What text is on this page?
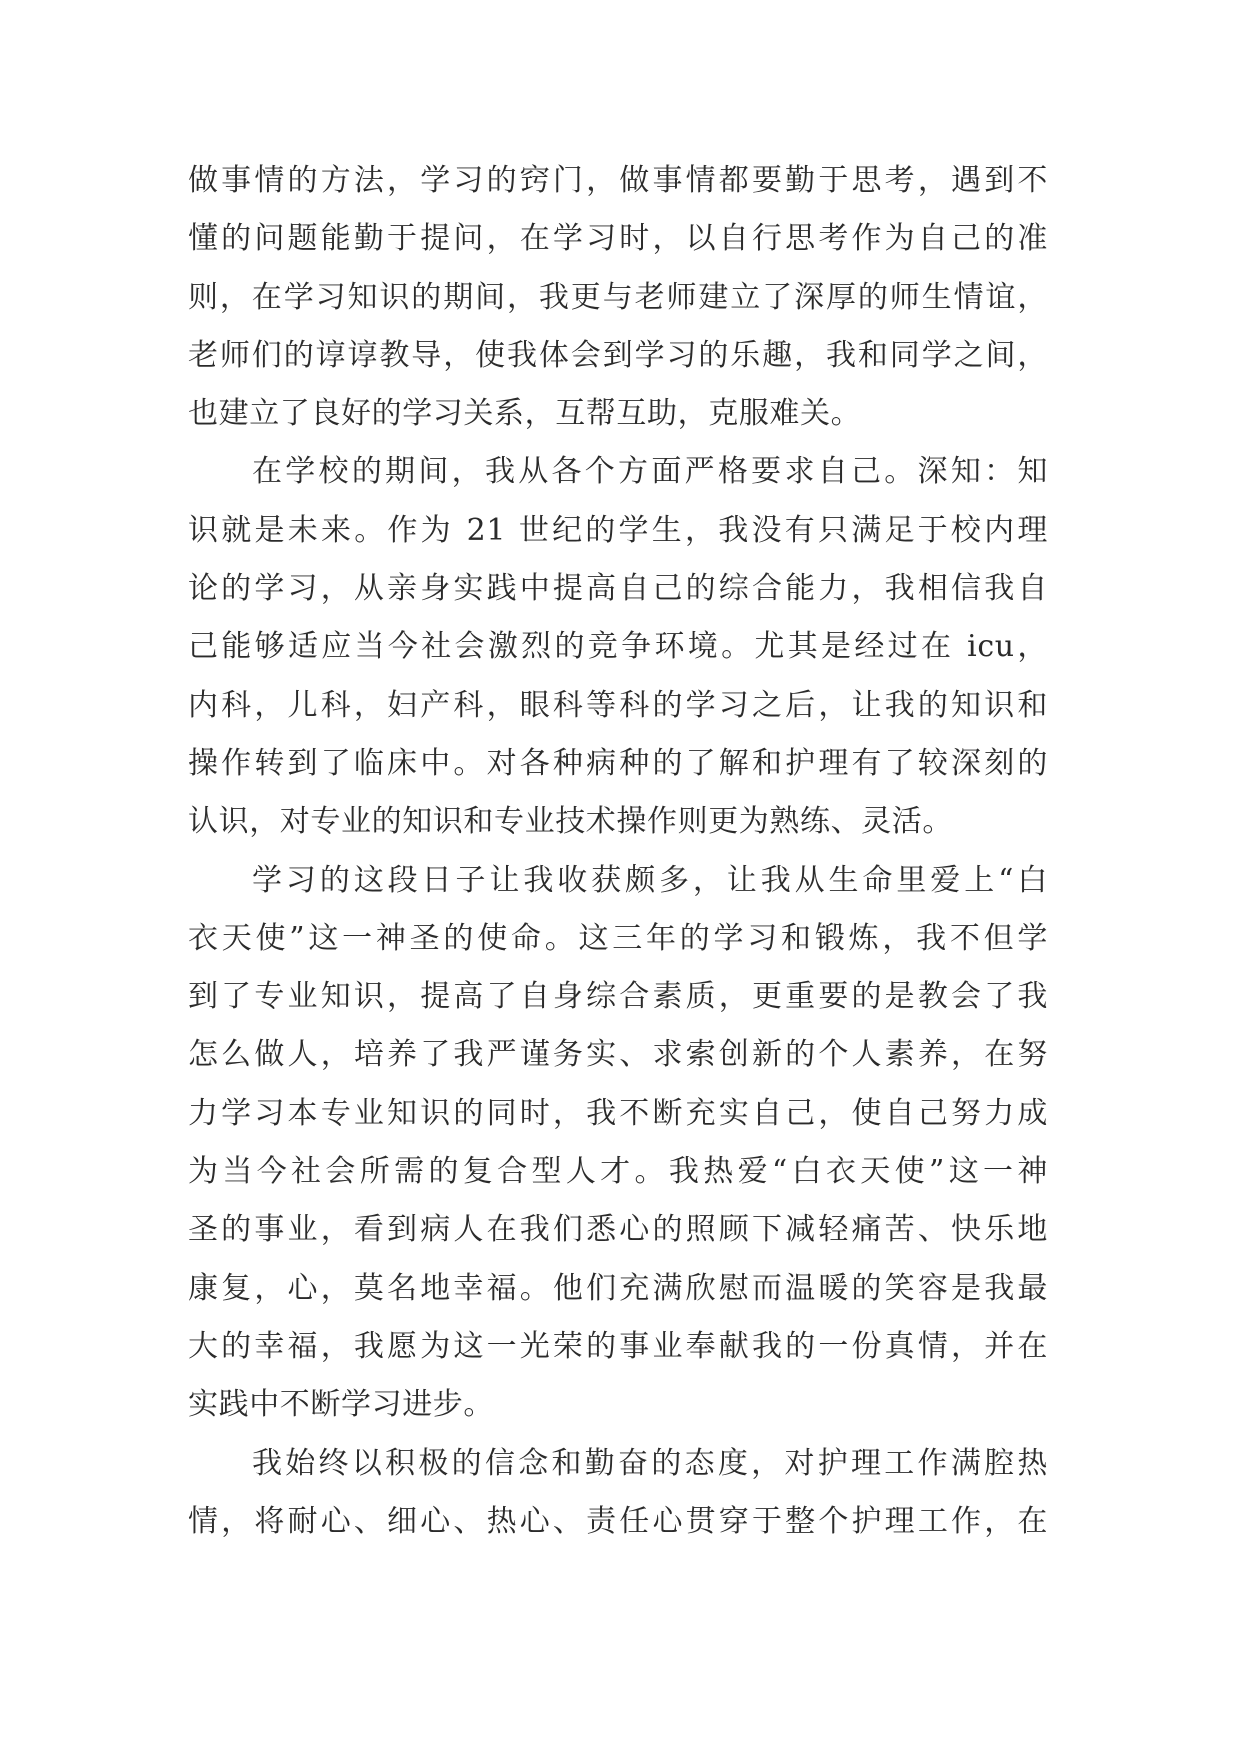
做事情的方法，学习的窍门，做事情都要勤于思考，遇到不
懂的问题能勤于提问，在学习时，以自行思考作为自己的准
则，在学习知识的期间，我更与老师建立了深厚的师生情谊，
老师们的谆谆教导，使我体会到学习的乐趣，我和同学之间，
也建立了良好的学习关系，互帮互助，克服难关。
在学校的期间，我从各个方面严格要求自己。深知：知
识就是未来。作为 21 世纪的学生，我没有只满足于校内理
论的学习，从亲身实践中提高自己的综合能力，我相信我自
己能够适应当今社会激烈的竞争环境。尤其是经过在 icu，
内科，儿科，妇产科，眼科等科的学习之后，让我的知识和
操作转到了临床中。对各种病种的了解和护理有了较深刻的
认识，对专业的知识和专业技术操作则更为熟练、灵活。
学习的这段日子让我收获颇多，让我从生命里爱上“白
衣天使”这一神圣的使命。这三年的学习和锻炼，我不但学
到了专业知识，提高了自身综合素质，更重要的是教会了我
怎么做人，培养了我严谨务实、求索创新的个人素养，在努
力学习本专业知识的同时，我不断充实自己，使自己努力成
为当今社会所需的复合型人才。我热爱“白衣天使”这一神
圣的事业，看到病人在我们悉心的照顾下减轻痛苦、快乐地
康复，心，莫名地幸福。他们充满欣慰而温暖的笑容是我最
大的幸福，我愿为这一光荣的事业奉献我的一份真情，并在
实践中不断学习进步。
我始终以积极的信念和勤奋的态度，对护理工作满腔热
情，将耐心、细心、热心、责任心贯穿于整个护理工作，在
